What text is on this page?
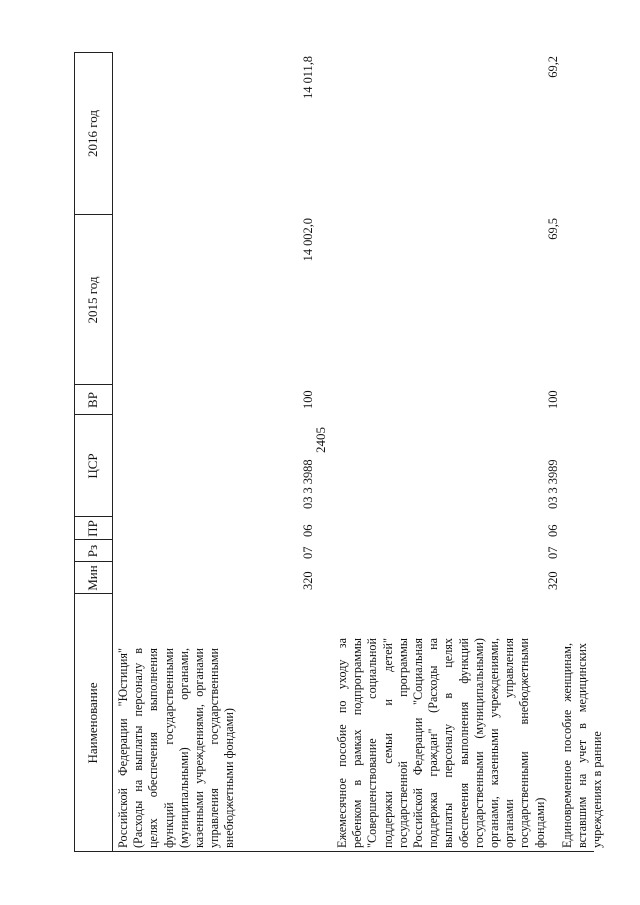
2405
Наименование
Мин
Рз
ПР
ЦСР
ВР
2015 год
2016 год
Российской Федерации "Юстиция" (Расходы на выплаты персоналу в целях обеспечения выполнения функций государственными (муниципальными) органами, казенными учреждениями, органами управления государственными внебюджетными фондами)
320
07
06
03 3 3988
100
14 002,0
14 011,8
Ежемесячное пособие по уходу за ребенком в рамках подпрограммы "Совершенствование социальной поддержки семьи и детей" государственной программы Российской Федерации "Социальная поддержка граждан" (Расходы на выплаты персоналу в целях обеспечения выполнения функций государственными (муниципальными) органами, казенными учреждениями, органами управления государственными внебюджетными фондами)
320
07
06
03 3 3989
100
69,5
69,2
Единовременное пособие женщинам, вставшим на учет в медицинских учреждениях в ранние
